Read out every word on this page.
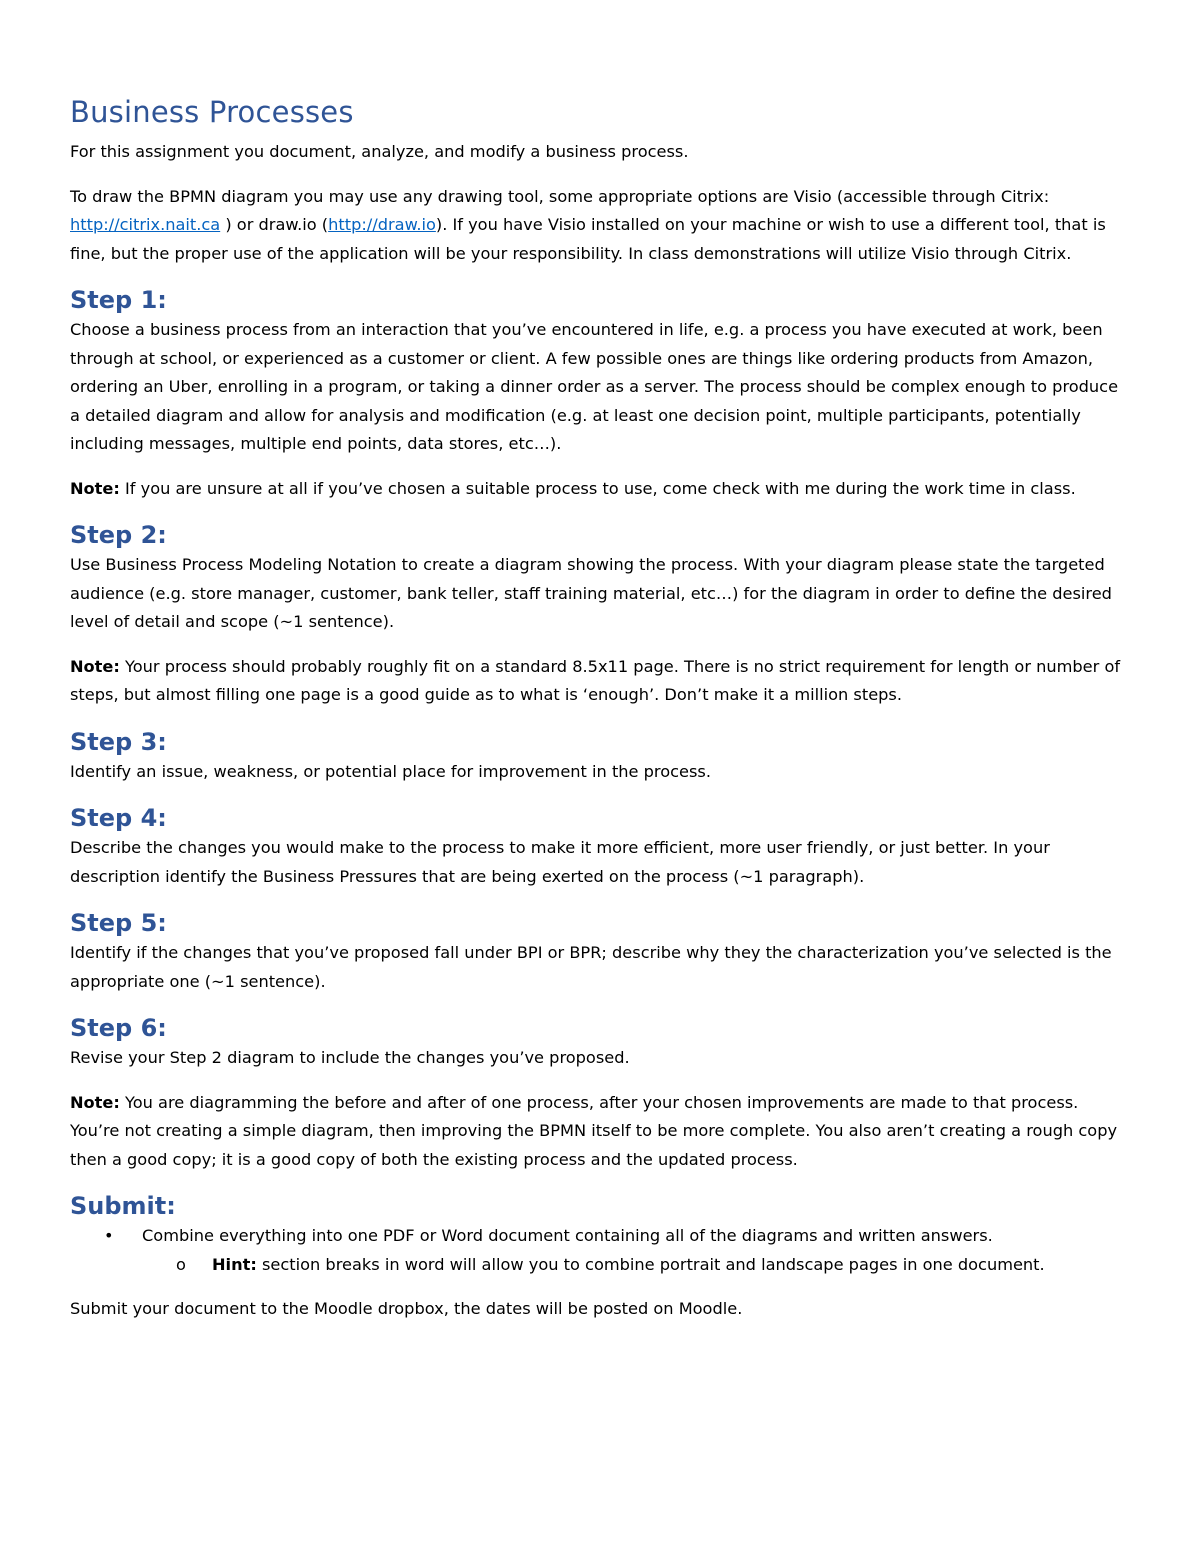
Business Processes

For this assignment you document, analyze, and modify a business process.

To draw the BPMN diagram you may use any drawing tool, some appropriate options are Visio (accessible through Citrix: http://citrix.nait.ca ) or draw.io (http://draw.io). If you have Visio installed on your machine or wish to use a different tool, that is fine, but the proper use of the application will be your responsibility. In class demonstrations will utilize Visio through Citrix.

Step 1:

Choose a business process from an interaction that you’ve encountered in life, e.g. a process you have executed at work, been through at school, or experienced as a customer or client. A few possible ones are things like ordering products from Amazon, ordering an Uber, enrolling in a program, or taking a dinner order as a server. The process should be complex enough to produce a detailed diagram and allow for analysis and modification (e.g. at least one decision point, multiple participants, potentially including messages, multiple end points, data stores, etc…).

Note: If you are unsure at all if you’ve chosen a suitable process to use, come check with me during the work time in class.

Step 2:

Use Business Process Modeling Notation to create a diagram showing the process. With your diagram please state the targeted audience (e.g. store manager, customer, bank teller, staff training material, etc…) for the diagram in order to define the desired level of detail and scope (~1 sentence).

Note: Your process should probably roughly fit on a standard 8.5x11 page. There is no strict requirement for length or number of steps, but almost filling one page is a good guide as to what is ‘enough’. Don’t make it a million steps.

Step 3:

Identify an issue, weakness, or potential place for improvement in the process.

Step 4:

Describe the changes you would make to the process to make it more efficient, more user friendly, or just better. In your description identify the Business Pressures that are being exerted on the process (~1 paragraph).

Step 5:

Identify if the changes that you’ve proposed fall under BPI or BPR; describe why they the characterization you’ve selected is the appropriate one (~1 sentence).

Step 6:

Revise your Step 2 diagram to include the changes you’ve proposed.

Note: You are diagramming the before and after of one process, after your chosen improvements are made to that process. You’re not creating a simple diagram, then improving the BPMN itself to be more complete. You also aren’t creating a rough copy then a good copy; it is a good copy of both the existing process and the updated process.

Submit:
• Combine everything into one PDF or Word document containing all of the diagrams and written answers.
o Hint: section breaks in word will allow you to combine portrait and landscape pages in one document.

Submit your document to the Moodle dropbox, the dates will be posted on Moodle.
